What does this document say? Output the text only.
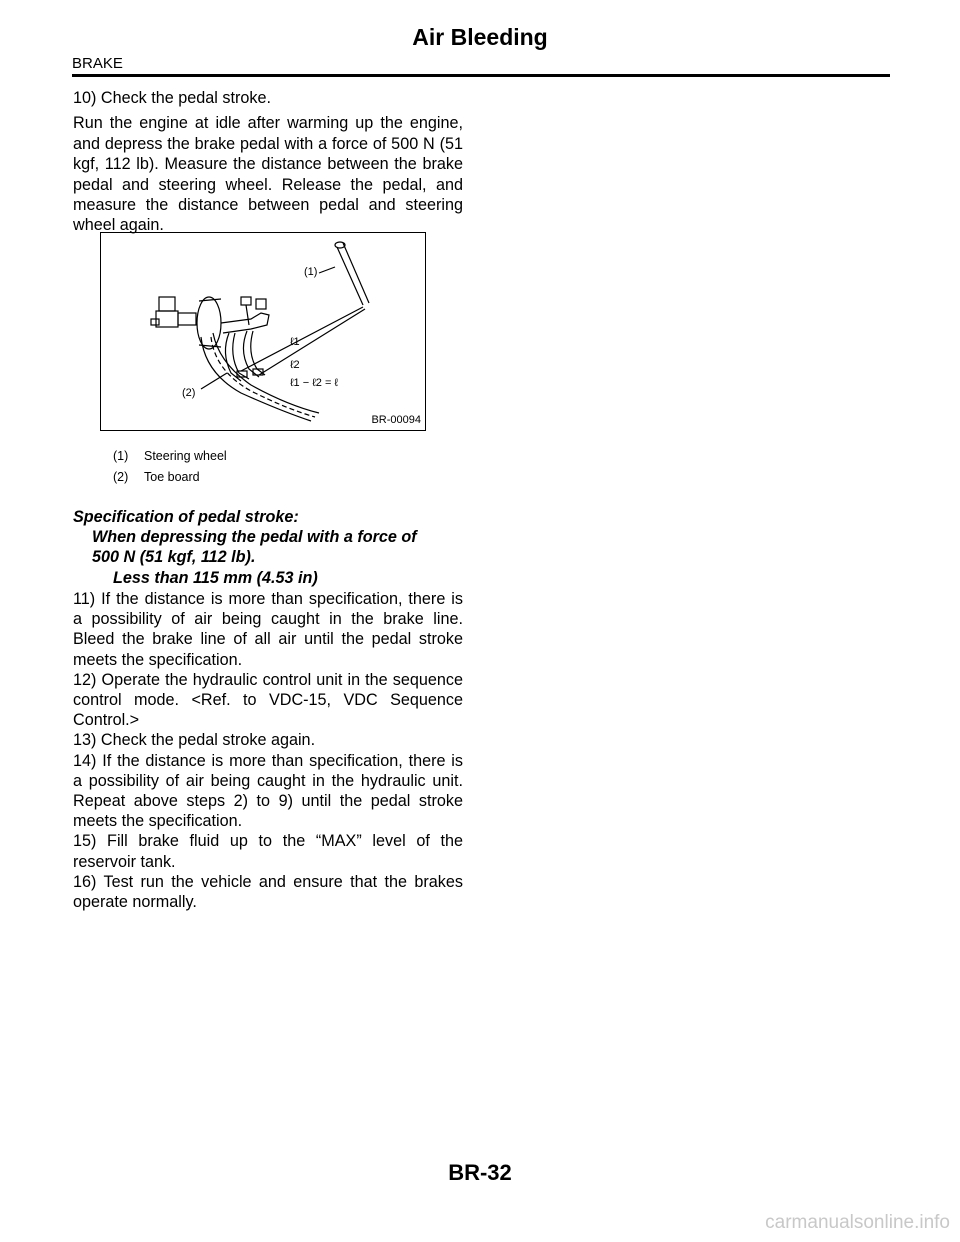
Air Bleeding
BRAKE

10) Check the pedal stroke.

Run the engine at idle after warming up the engine, and depress the brake pedal with a force of 500 N (51 kgf, 112 lb). Measure the distance between the brake pedal and steering wheel. Release the pedal, and measure the distance between pedal and steering wheel again.

(1)
(2)
ℓ1
ℓ2
ℓ1 − ℓ2 = ℓ
BR-00094
(1) Steering wheel
(2) Toe board
Specification of pedal stroke:
When depressing the pedal with a force of
500 N (51 kgf, 112 lb).
Less than 115 mm (4.53 in)

11) If the distance is more than specification, there is a possibility of air being caught in the brake line. Bleed the brake line of all air until the pedal stroke meets the specification.

12) Operate the hydraulic control unit in the sequence control mode. <Ref. to VDC-15, VDC Sequence Control.>

13) Check the pedal stroke again.

14) If the distance is more than specification, there is a possibility of air being caught in the hydraulic unit. Repeat above steps 2) to 9) until the pedal stroke meets the specification.

15) Fill brake fluid up to the “MAX” level of the reservoir tank.

16) Test run the vehicle and ensure that the brakes operate normally.

BR-32
carmanualsonline.info
